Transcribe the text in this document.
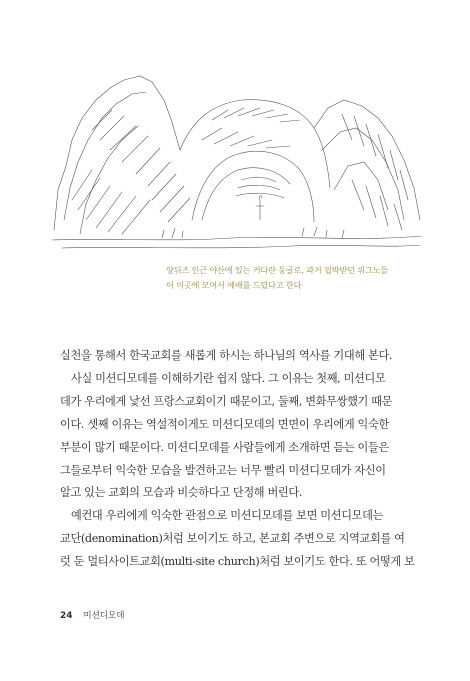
양뒤즈 인근 야산에 있는 커다란 동굴로, 과거 핍박받던 위그노들
이 이곳에 모여서 예배를 드렸다고 한다
실천을 통해서 한국교회를 새롭게 하시는 하나님의 역사를 기대해 본다.
사실 미션디모데를 이해하기란 쉽지 않다. 그 이유는 첫째, 미션디모
데가 우리에게 낯선 프랑스교회이기 때문이고, 둘째, 변화무쌍했기 때문
이다. 셋째 이유는 역설적이게도 미션디모데의 면면이 우리에게 익숙한
부분이 많기 때문이다. 미션디모데를 사람들에게 소개하면 듣는 이들은
그들로부터 익숙한 모습을 발견하고는 너무 빨리 미션디모데가 자신이
알고 있는 교회의 모습과 비슷하다고 단정해 버린다.
예컨대 우리에게 익숙한 관점으로 미션디모데를 보면 미션디모데는
교단(denomination)처럼 보이기도 하고, 본교회 주변으로 지역교회를 여
럿 둔 멀티사이트교회(multi-site church)처럼 보이기도 한다. 또 어떻게 보
24 미션디모데
